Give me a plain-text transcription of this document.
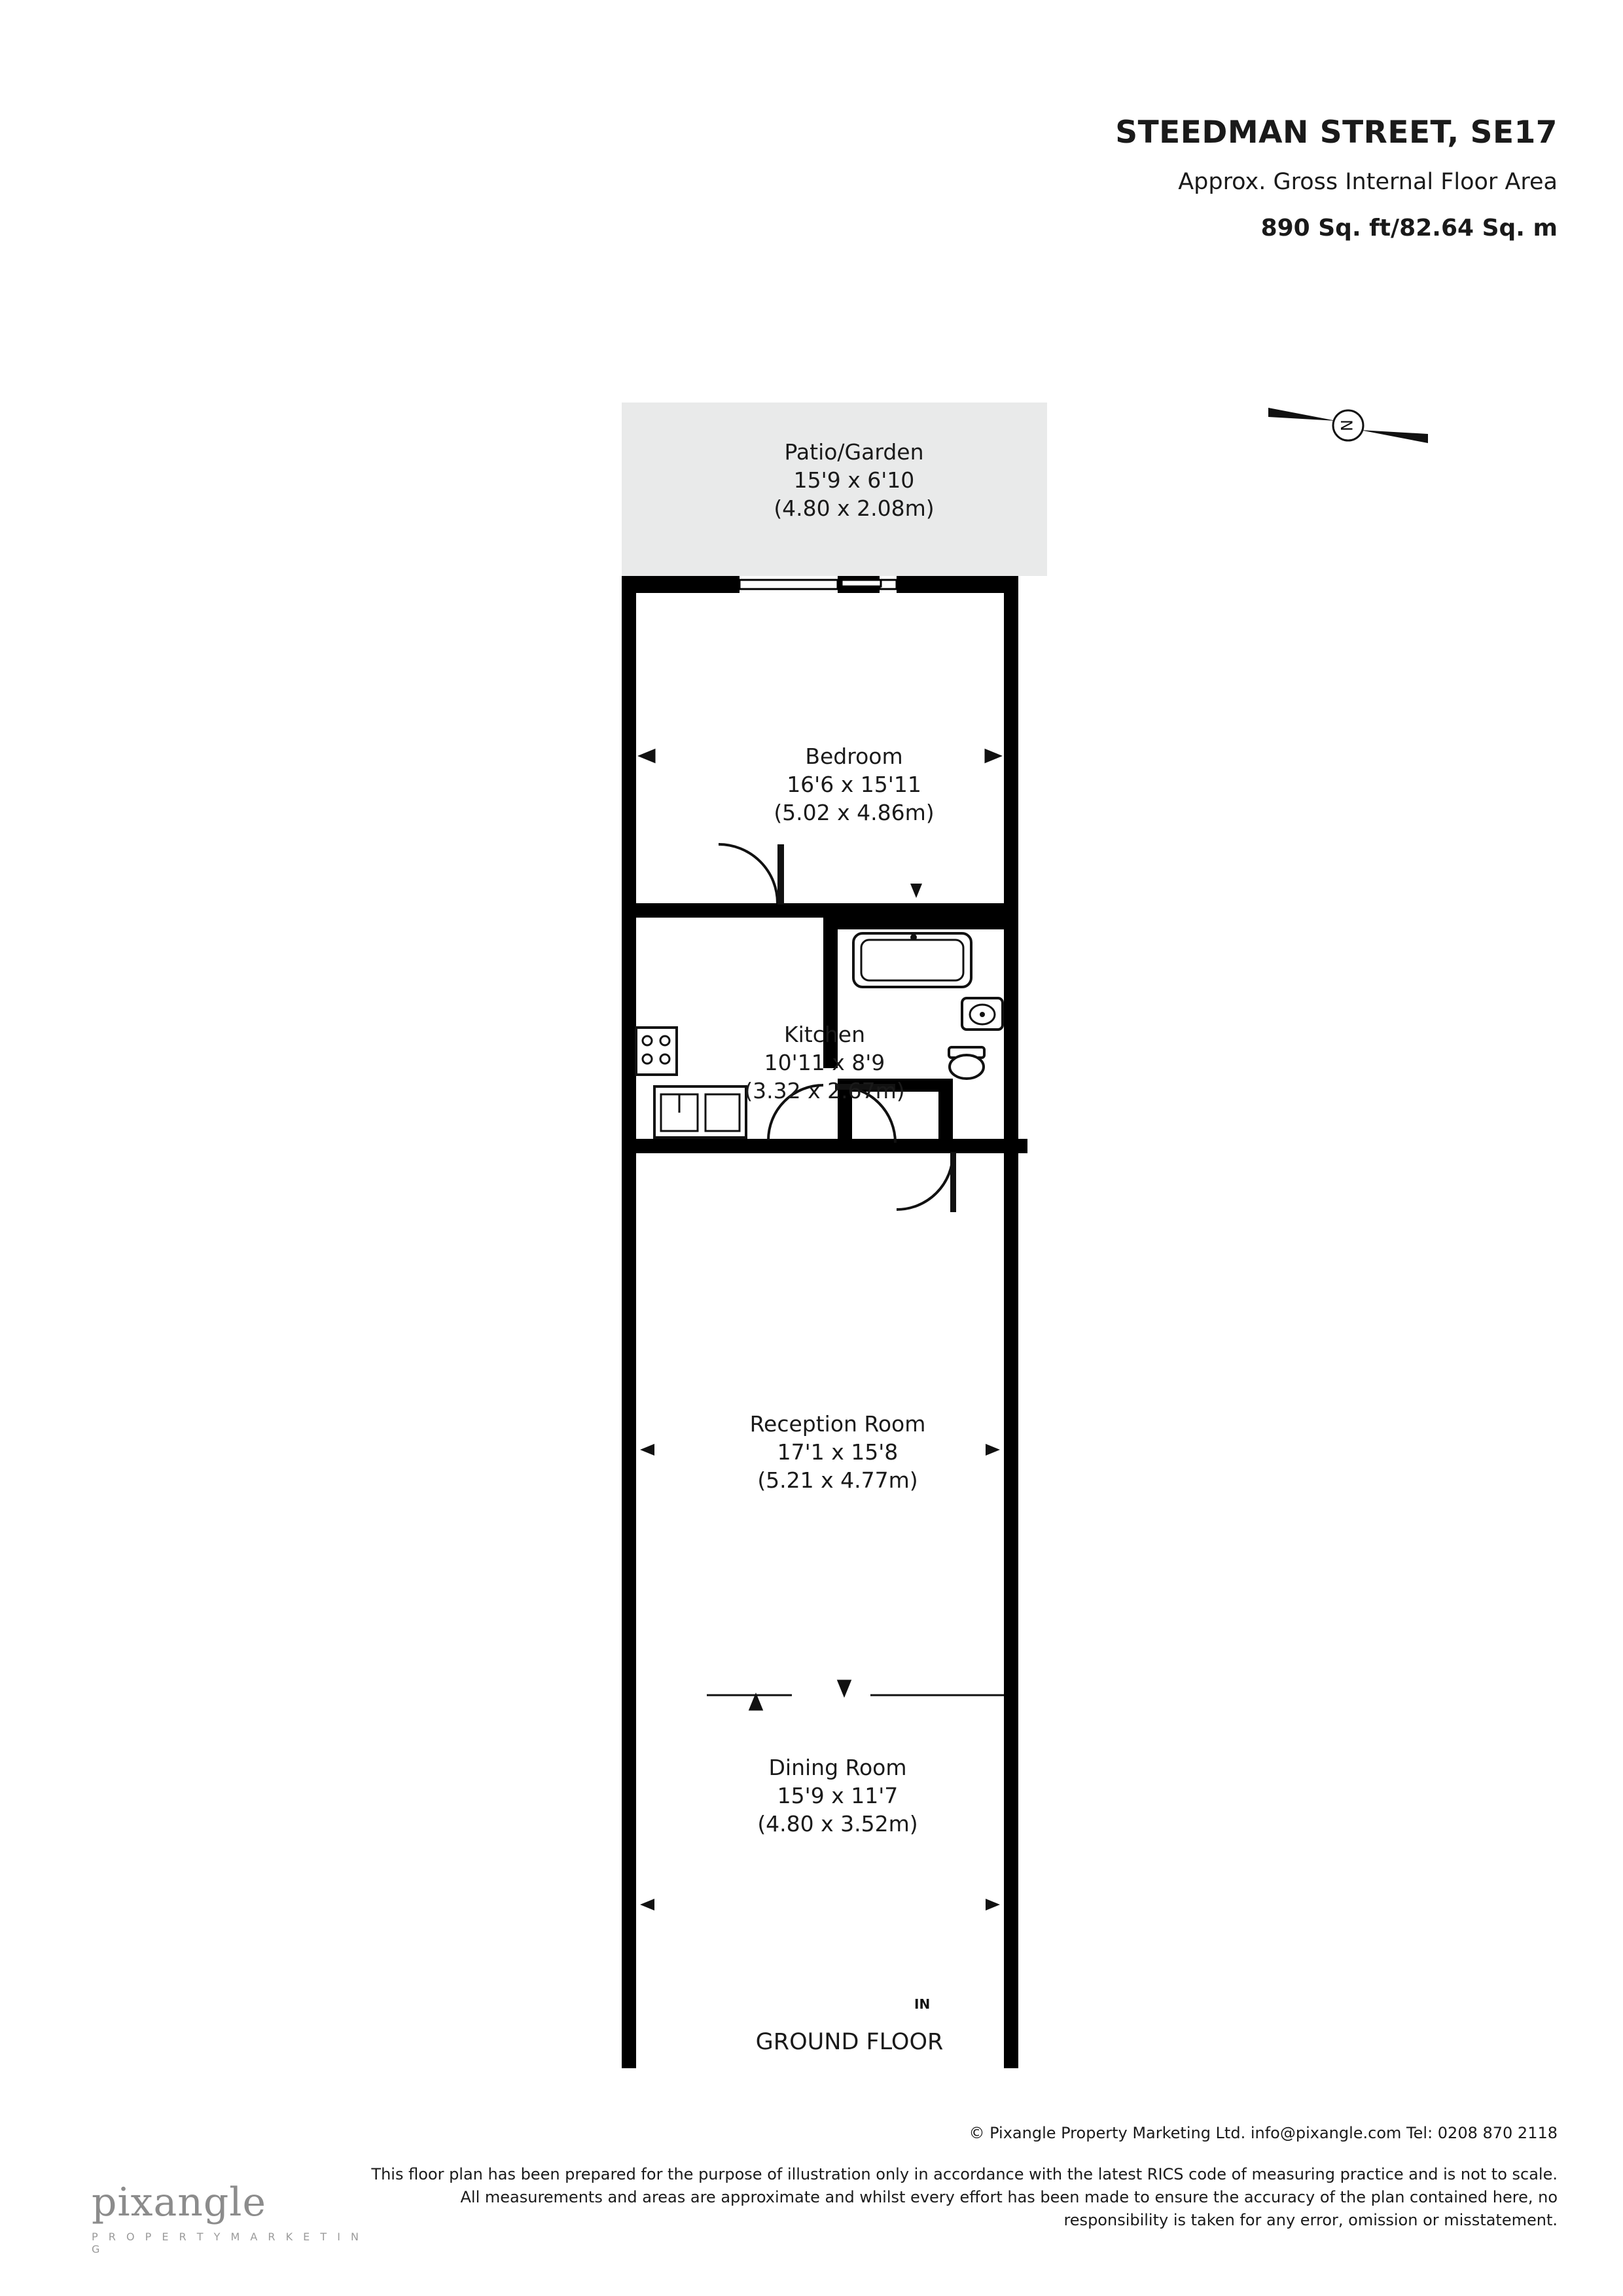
STEEDMAN STREET, SE17
Approx. Gross Internal Floor Area
890 Sq. ft/82.64 Sq. m
N
Patio/Garden
15'9 x 6'10
(4.80 x 2.08m)
Bedroom
16'6 x 15'11
(5.02 x 4.86m)
Kitchen
10'11 x 8'9
(3.32 x 2.67m)
Reception Room
17'1 x 15'8
(5.21 x 4.77m)
Dining Room
15'9 x 11'7
(4.80 x 3.52m)
IN
GROUND FLOOR
© Pixangle Property Marketing Ltd. info@pixangle.com Tel: 0208 870 2118
This floor plan has been prepared for the purpose of illustration only in accordance with the latest RICS code of measuring practice and is not to scale. All measurements and areas are approximate and whilst every effort has been made to ensure the accuracy of the plan contained here, no responsibility is taken for any error, omission or misstatement.
pixangle
P R O P E R T Y M A R K E T I N G
